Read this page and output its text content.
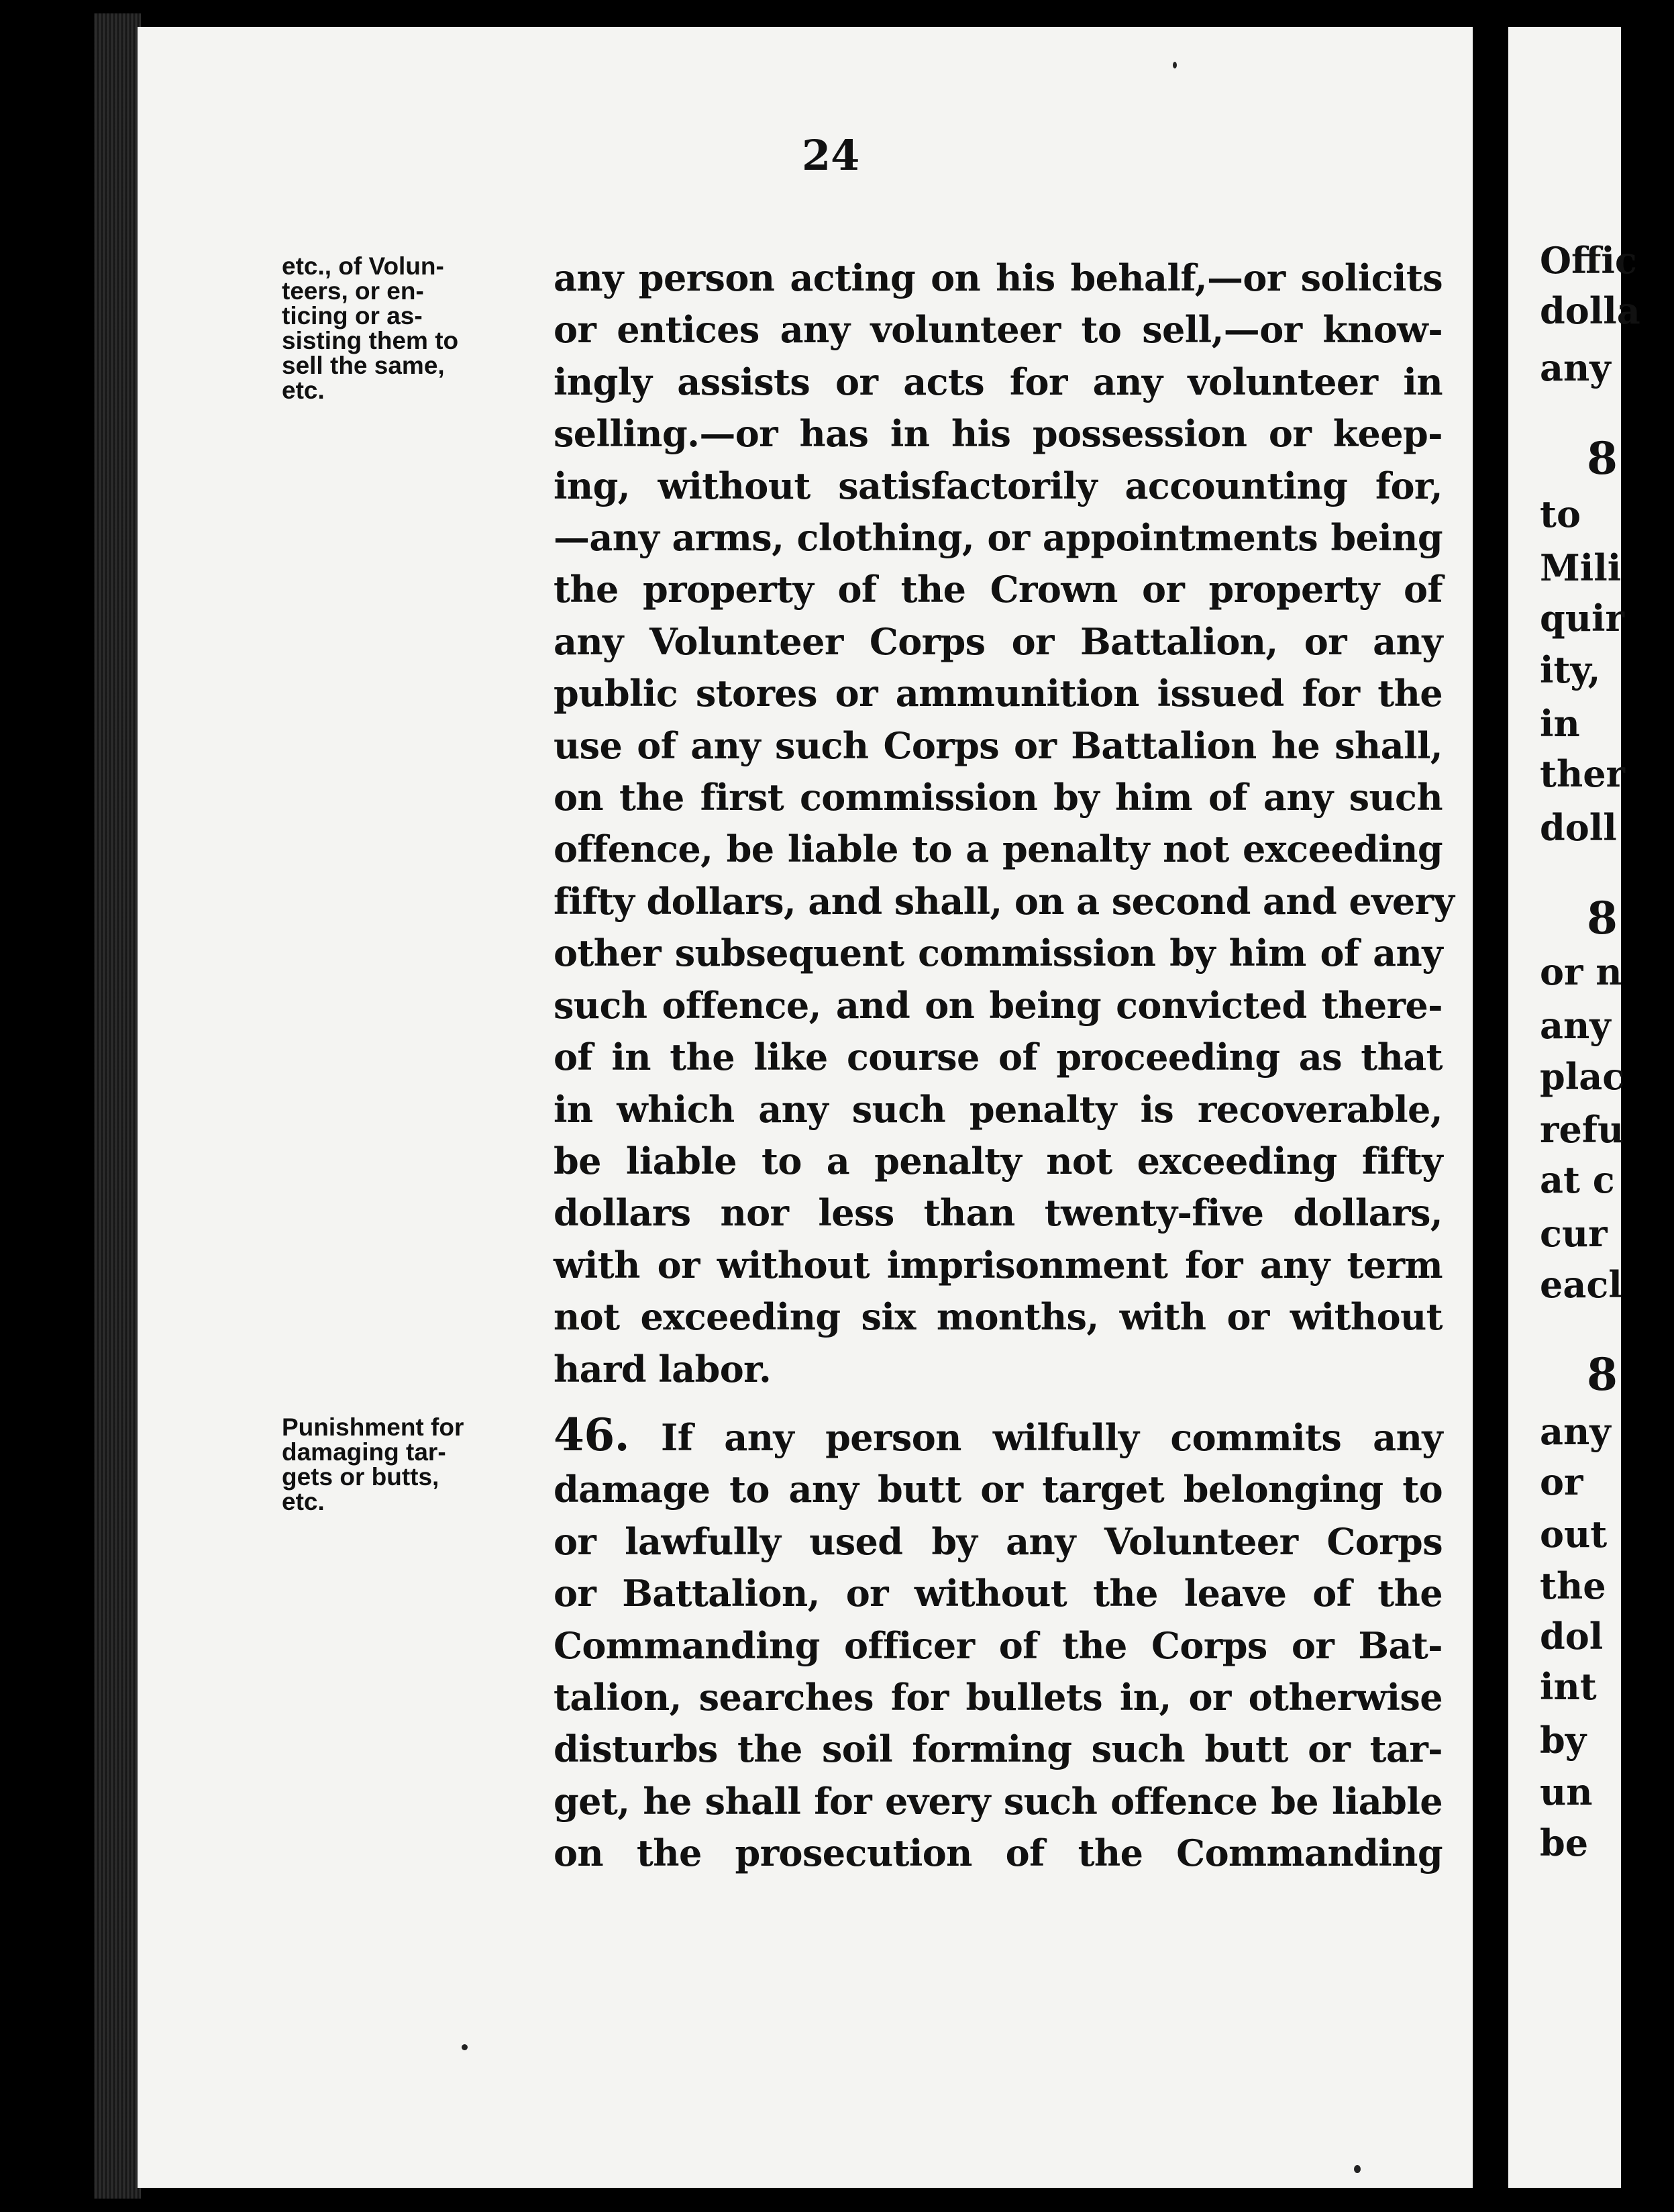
24
etc., of Volun-
teers, or en-
ticing or as-
sisting them to
sell the same,
etc.
Punishment for
damaging tar-
gets or butts,
etc.
any person acting on his behalf,—or solicits
or entices any volunteer to sell,—or know-
ingly assists or acts for any volunteer in
selling.—or has in his possession or keep-
ing, without satisfactorily accounting for,
—any arms, clothing, or appointments being
the property of the Crown or property of
any Volunteer Corps or Battalion, or any
public stores or ammunition issued for the
use of any such Corps or Battalion he shall,
on the first commission by him of any such
offence, be liable to a penalty not exceeding
fifty dollars, and shall, on a second and every
other subsequent commission by him of any
such offence, and on being convicted there-
of in the like course of proceeding as that
in which any such penalty is recoverable,
be liable to a penalty not exceeding fifty
dollars nor less than twenty-five dollars,
with or without imprisonment for any term
not exceeding six months, with or without
hard labor.
46. If any person wilfully commits any
damage to any butt or target belonging to
or lawfully used by any Volunteer Corps
or Battalion, or without the leave of the
Commanding officer of the Corps or Bat-
talion, searches for bullets in, or otherwise
disturbs the soil forming such butt or tar-
get, he shall for every such offence be liable
on the prosecution of the Commanding
Offic
dolla
any
8
to
Mili
quir
ity,
in
ther
doll
8
or n
any
plac
refu
at c
cur
eacl
8
any
or
out
the
dol
int
by
un
be
